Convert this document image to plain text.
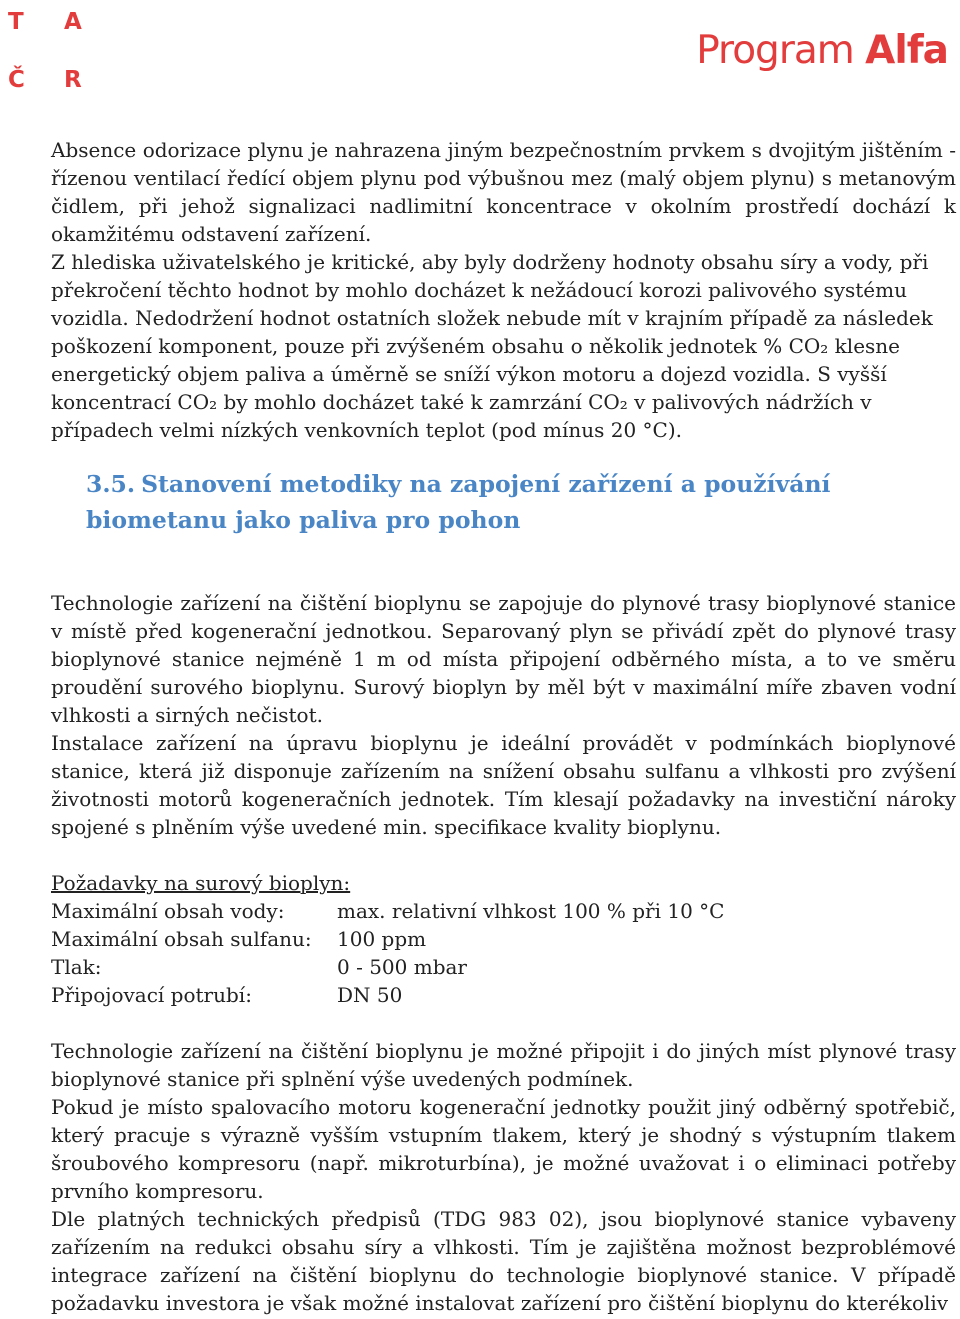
T	A
Č	R
Program Alfa

Absence odorizace plynu je nahrazena jiným bezpečnostním prvkem s dvojitým jištěním - řízenou ventilací ředící objem plynu pod výbušnou mez (malý objem plynu) s metanovým čidlem, při jehož signalizaci nadlimitní koncentrace v okolním prostředí dochází k okamžitému odstavení zařízení.

Z hlediska uživatelského je kritické, aby byly dodrženy hodnoty obsahu síry a vody, při překročení těchto hodnot by mohlo docházet k nežádoucí korozi palivového systému vozidla. Nedodržení hodnot ostatních složek nebude mít v krajním případě za následek poškození komponent, pouze při zvýšeném obsahu o několik jednotek % CO₂ klesne energetický objem paliva a úměrně se sníží výkon motoru a dojezd vozidla. S vyšší koncentrací CO₂ by mohlo docházet také k zamrzání CO₂ v palivových nádržích v případech velmi nízkých venkovních teplot (pod mínus 20 °C).

3.5. Stanovení metodiky na zapojení zařízení a používání biometanu jako paliva pro pohon

Technologie zařízení na čištění bioplynu se zapojuje do plynové trasy bioplynové stanice v místě před kogenerační jednotkou. Separovaný plyn se přivádí zpět do plynové trasy bioplynové stanice nejméně 1 m od místa připojení odběrného místa, a to ve směru proudění surového bioplynu. Surový bioplyn by měl být v maximální míře zbaven vodní vlhkosti a sirných nečistot.

Instalace zařízení na úpravu bioplynu je ideální provádět v podmínkách bioplynové stanice, která již disponuje zařízením na snížení obsahu sulfanu a vlhkosti pro zvýšení životnosti motorů kogeneračních jednotek. Tím klesají požadavky na investiční nároky spojené s plněním výše uvedené min. specifikace kvality bioplynu.

Požadavky na surový bioplyn:
Maximální obsah vody:	max. relativní vlhkost 100 % při 10 °C
Maximální obsah sulfanu:	100 ppm
Tlak:	0 - 500 mbar
Připojovací potrubí:	DN 50

Technologie zařízení na čištění bioplynu je možné připojit i do jiných míst plynové trasy bioplynové stanice při splnění výše uvedených podmínek.

Pokud je místo spalovacího motoru kogenerační jednotky použit jiný odběrný spotřebič, který pracuje s výrazně vyšším vstupním tlakem, který je shodný s výstupním tlakem šroubového kompresoru (např. mikroturbína), je možné uvažovat i o eliminaci potřeby prvního kompresoru.

Dle platných technických předpisů (TDG 983 02), jsou bioplynové stanice vybaveny zařízením na redukci obsahu síry a vlhkosti. Tím je zajištěna možnost bezproblémové integrace zařízení na čištění bioplynu do technologie bioplynové stanice. V případě požadavku investora je však možné instalovat zařízení pro čištění bioplynu do kterékoliv
